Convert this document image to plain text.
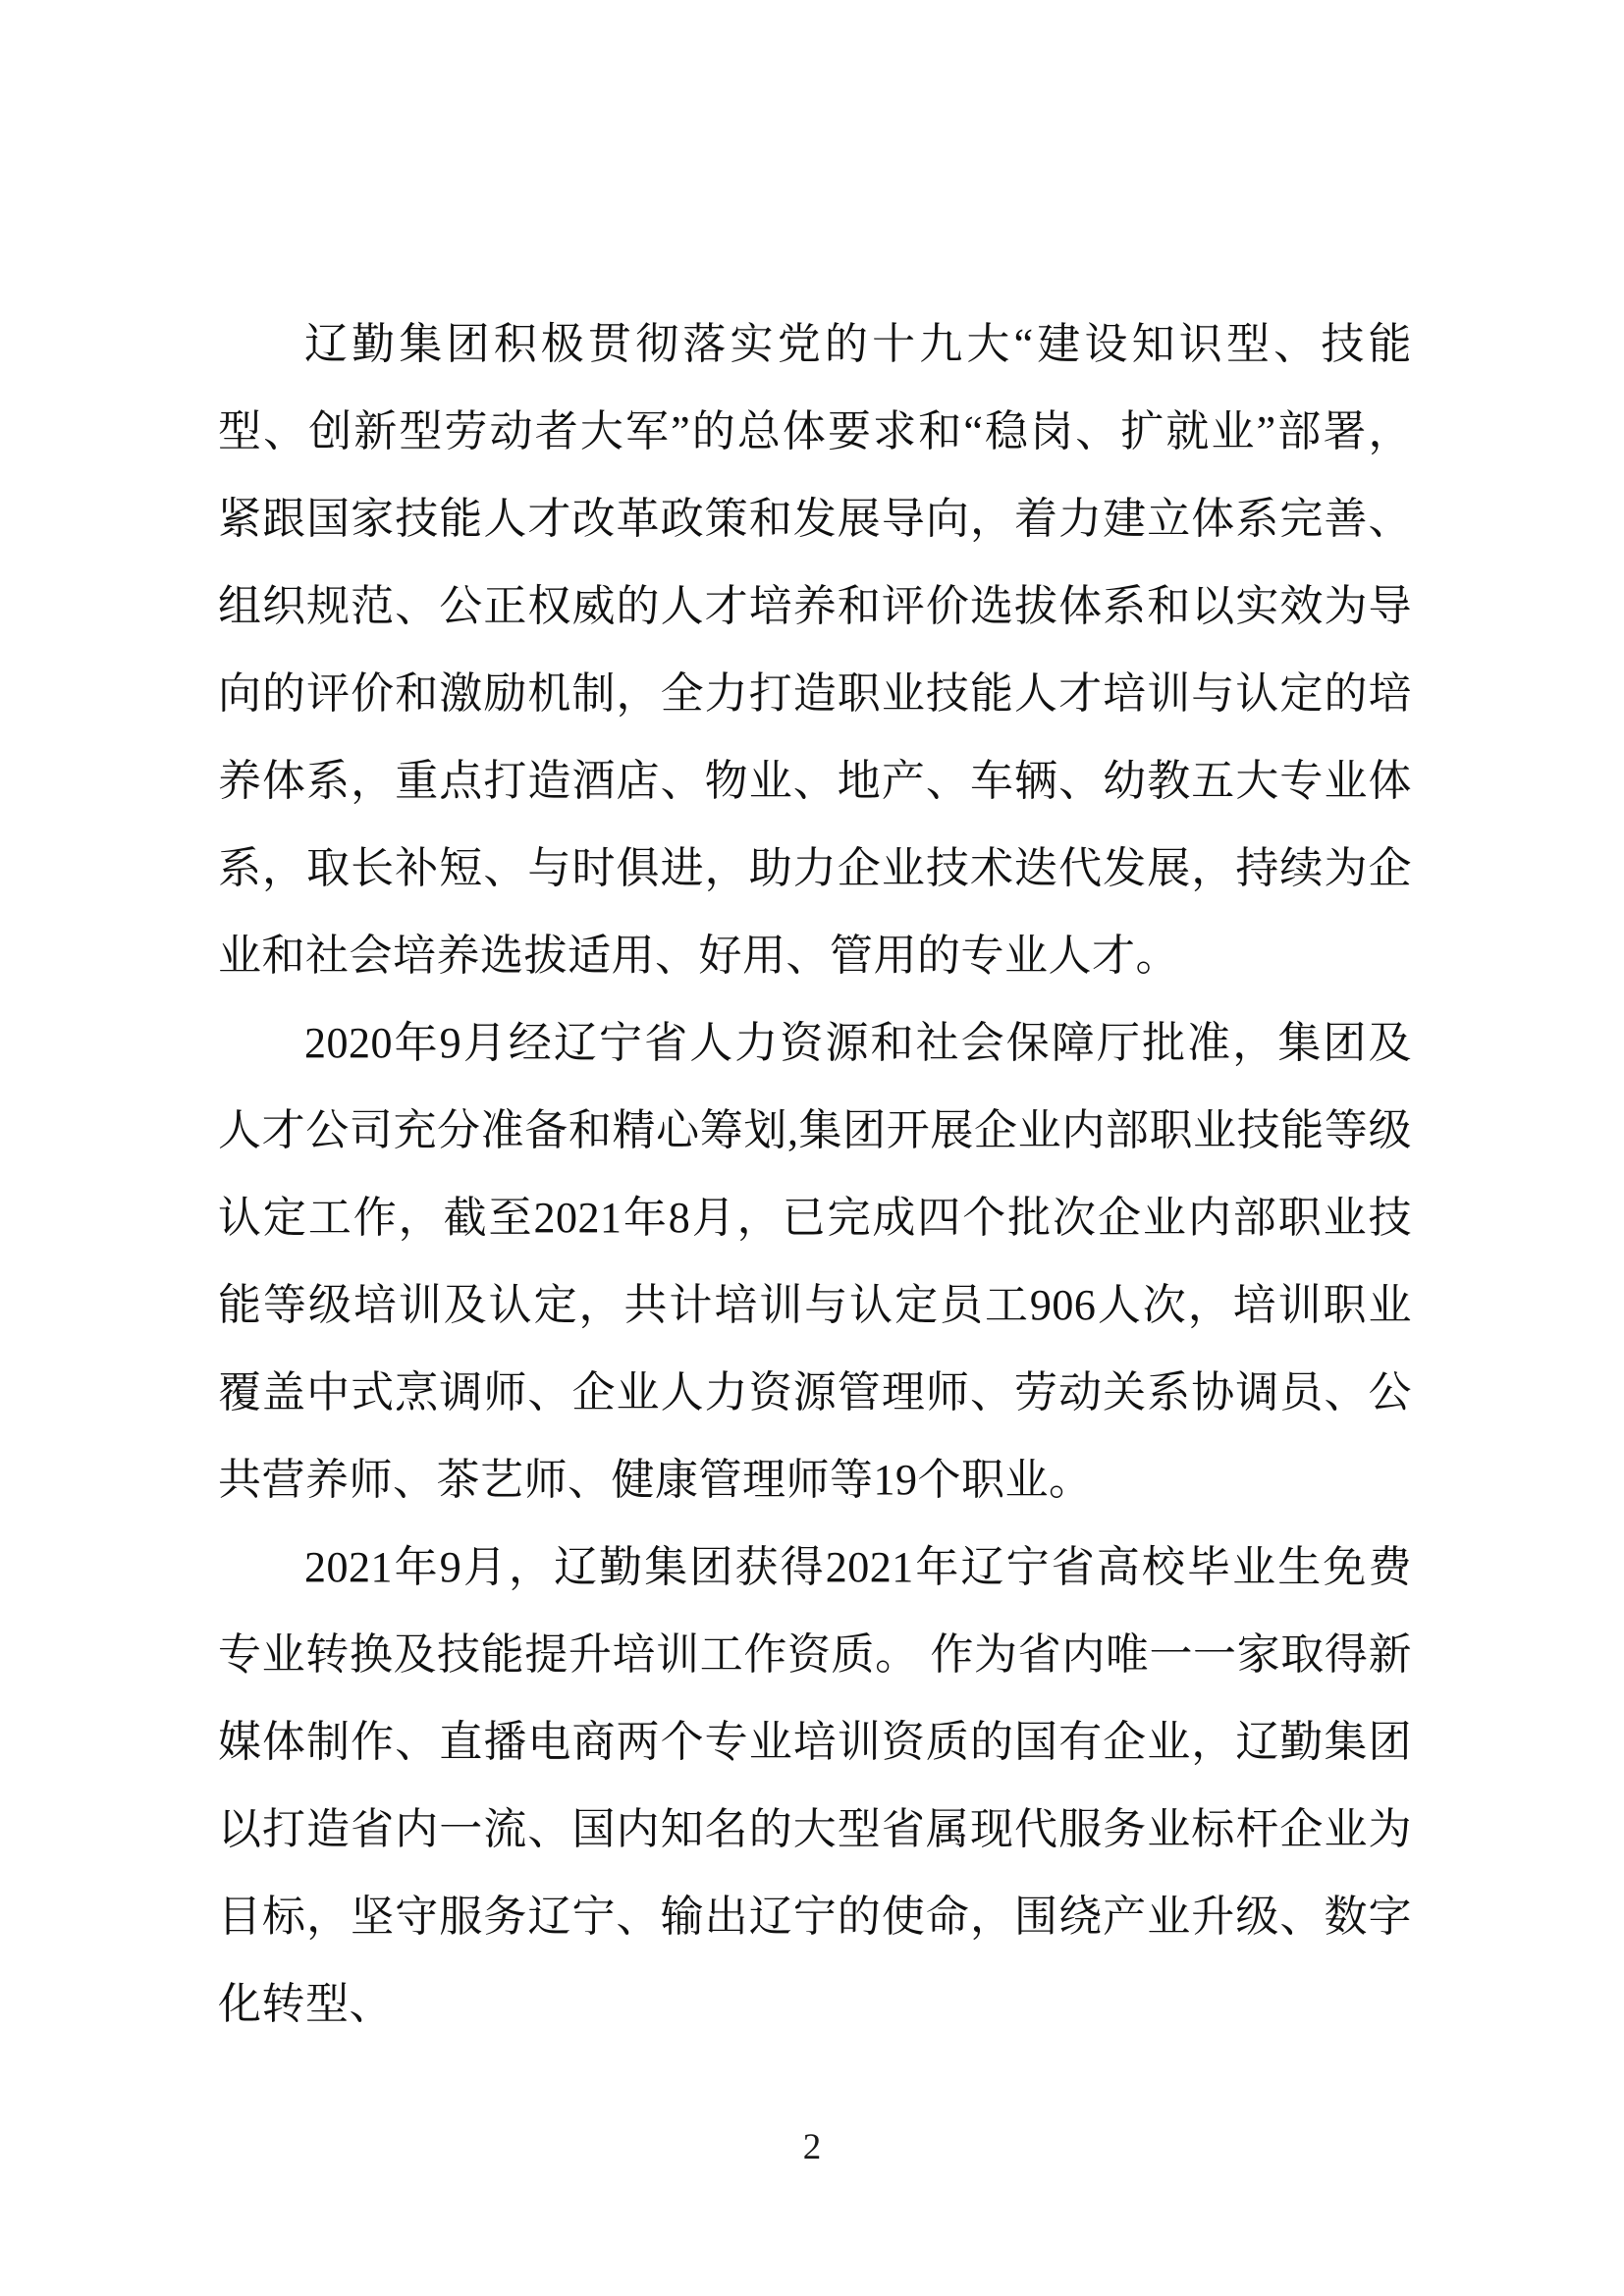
辽勤集团积极贯彻落实党的十九大“建设知识型、技能型、创新型劳动者大军”的总体要求和“稳岗、扩就业”部署，紧跟国家技能人才改革政策和发展导向，着力建立体系完善、组织规范、公正权威的人才培养和评价选拔体系和以实效为导向的评价和激励机制，全力打造职业技能人才培训与认定的培养体系，重点打造酒店、物业、地产、车辆、幼教五大专业体系，取长补短、与时俱进，助力企业技术迭代发展，持续为企业和社会培养选拔适用、好用、管用的专业人才。

2020年9月经辽宁省人力资源和社会保障厅批准，集团及人才公司充分准备和精心筹划,集团开展企业内部职业技能等级认定工作，截至2021年8月，已完成四个批次企业内部职业技能等级培训及认定，共计培训与认定员工906人次，培训职业覆盖中式烹调师、企业人力资源管理师、劳动关系协调员、公共营养师、茶艺师、健康管理师等19个职业。

2021年9月，辽勤集团获得2021年辽宁省高校毕业生免费专业转换及技能提升培训工作资质。 作为省内唯一一家取得新媒体制作、直播电商两个专业培训资质的国有企业，辽勤集团以打造省内一流、国内知名的大型省属现代服务业标杆企业为目标，坚守服务辽宁、输出辽宁的使命，围绕产业升级、数字化转型、

2
